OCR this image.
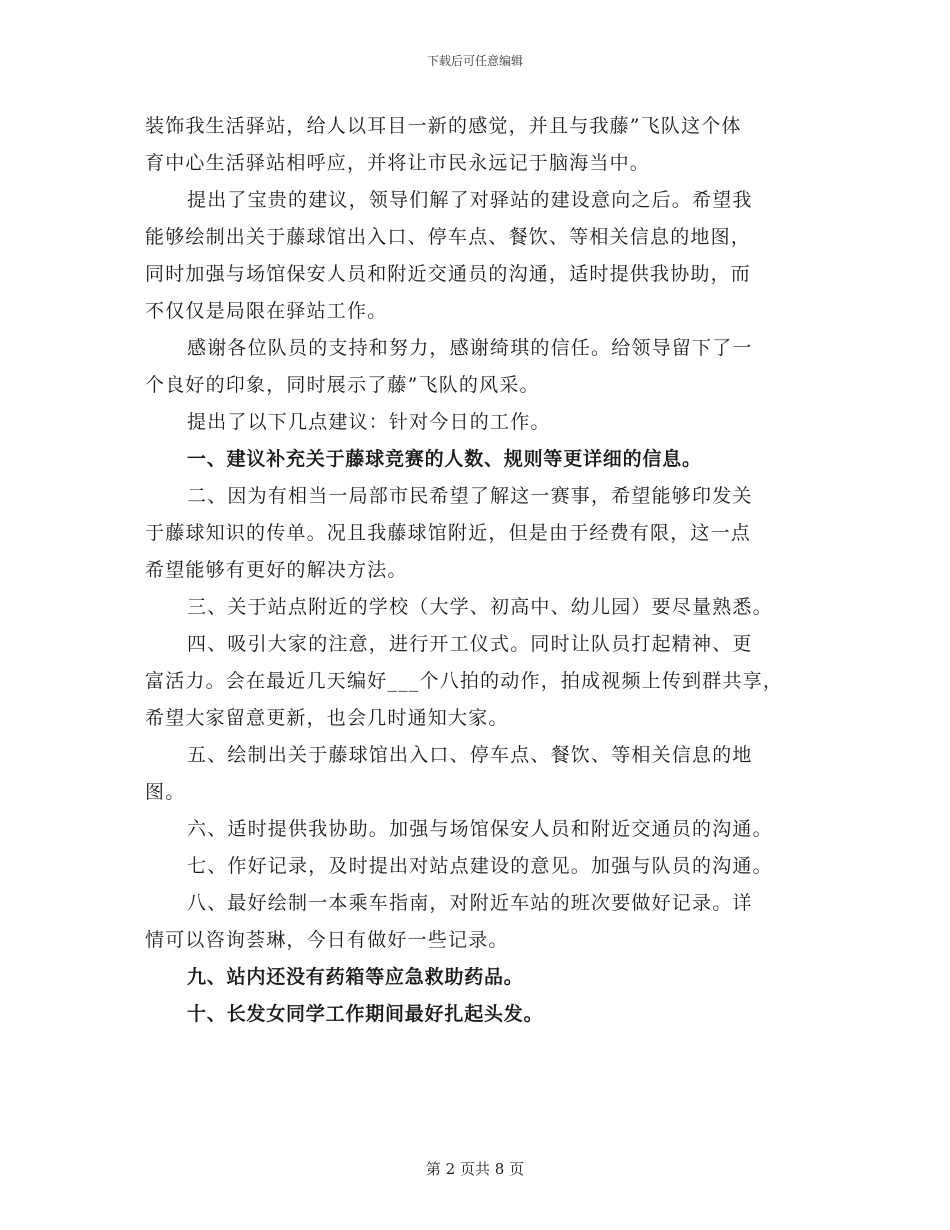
下载后可任意编辑
装饰我生活驿站，给人以耳目一新的感觉，并且与我藤”飞队这个体
育中心生活驿站相呼应，并将让市民永远记于脑海当中。
提出了宝贵的建议，领导们解了对驿站的建设意向之后。希望我
能够绘制出关于藤球馆出入口、停车点、餐饮、等相关信息的地图，
同时加强与场馆保安人员和附近交通员的沟通，适时提供我协助，而
不仅仅是局限在驿站工作。
感谢各位队员的支持和努力，感谢绮琪的信任。给领导留下了一
个良好的印象，同时展示了藤”飞队的风采。
提出了以下几点建议：针对今日的工作。
一、建议补充关于藤球竞赛的人数、规则等更详细的信息。
二、因为有相当一局部市民希望了解这一赛事，希望能够印发关
于藤球知识的传单。况且我藤球馆附近，但是由于经费有限，这一点
希望能够有更好的解决方法。
三、关于站点附近的学校（大学、初高中、幼儿园）要尽量熟悉。
四、吸引大家的注意，进行开工仪式。同时让队员打起精神、更
富活力。会在最近几天编好___个八拍的动作，拍成视频上传到群共享，
希望大家留意更新，也会几时通知大家。
五、绘制出关于藤球馆出入口、停车点、餐饮、等相关信息的地
图。
六、适时提供我协助。加强与场馆保安人员和附近交通员的沟通。
七、作好记录，及时提出对站点建设的意见。加强与队员的沟通。
八、最好绘制一本乘车指南，对附近车站的班次要做好记录。详
情可以咨询荟琳，今日有做好一些记录。
九、站内还没有药箱等应急救助药品。
十、长发女同学工作期间最好扎起头发。
第 2 页共 8 页
